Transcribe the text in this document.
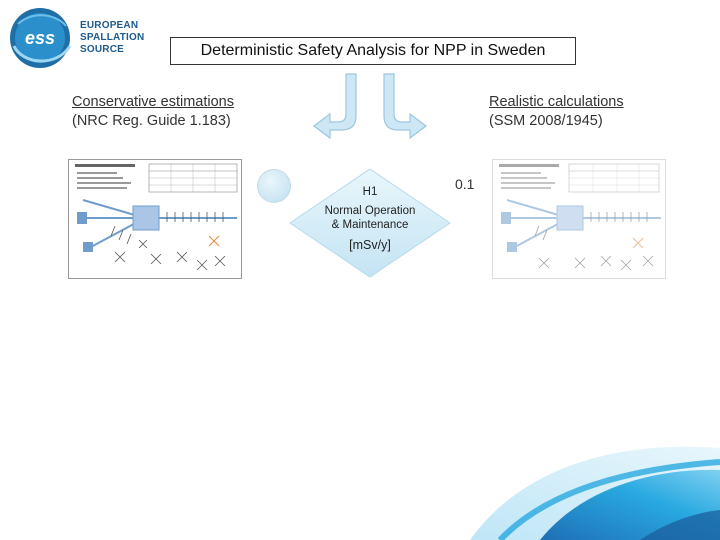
ess
EUROPEAN
SPALLATION
SOURCE	Deterministic Safety Analysis for NPP in Sweden
Conservative estimations
(NRC Reg. Guide 1.183)
Realistic calculations
(SSM 2008/1945)
H1
Normal Operation
& Maintenance
[mSv/y]
0.1
